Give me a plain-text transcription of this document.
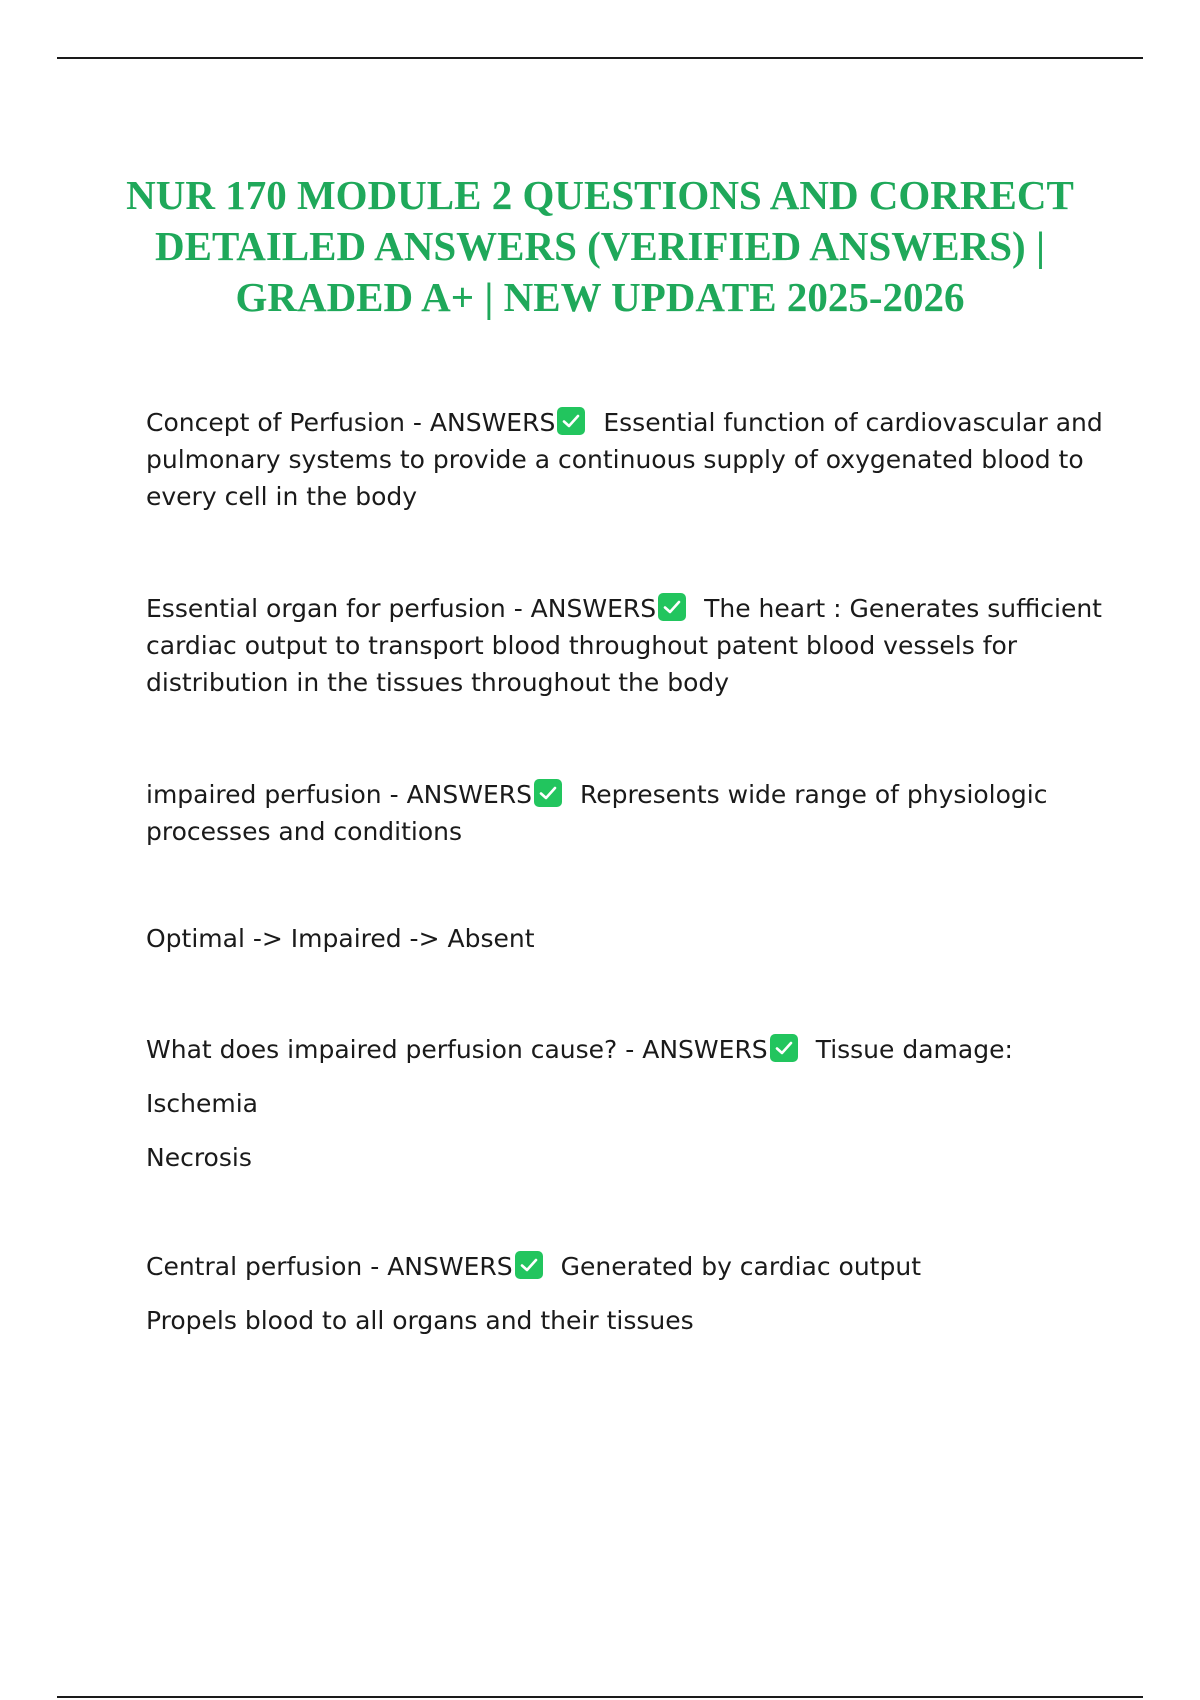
NUR 170 MODULE 2 QUESTIONS AND CORRECT DETAILED ANSWERS (VERIFIED ANSWERS) | GRADED A+ | NEW UPDATE 2025-2026

Concept of Perfusion - ANSWERS Essential function of cardiovascular and pulmonary systems to provide a continuous supply of oxygenated blood to every cell in the body

Essential organ for perfusion - ANSWERS The heart : Generates sufficient cardiac output to transport blood throughout patent blood vessels for distribution in the tissues throughout the body

impaired perfusion - ANSWERS Represents wide range of physiologic processes and conditions

Optimal -> Impaired -> Absent

What does impaired perfusion cause? - ANSWERS Tissue damage:
Ischemia
Necrosis

Central perfusion - ANSWERS Generated by cardiac output
Propels blood to all organs and their tissues
